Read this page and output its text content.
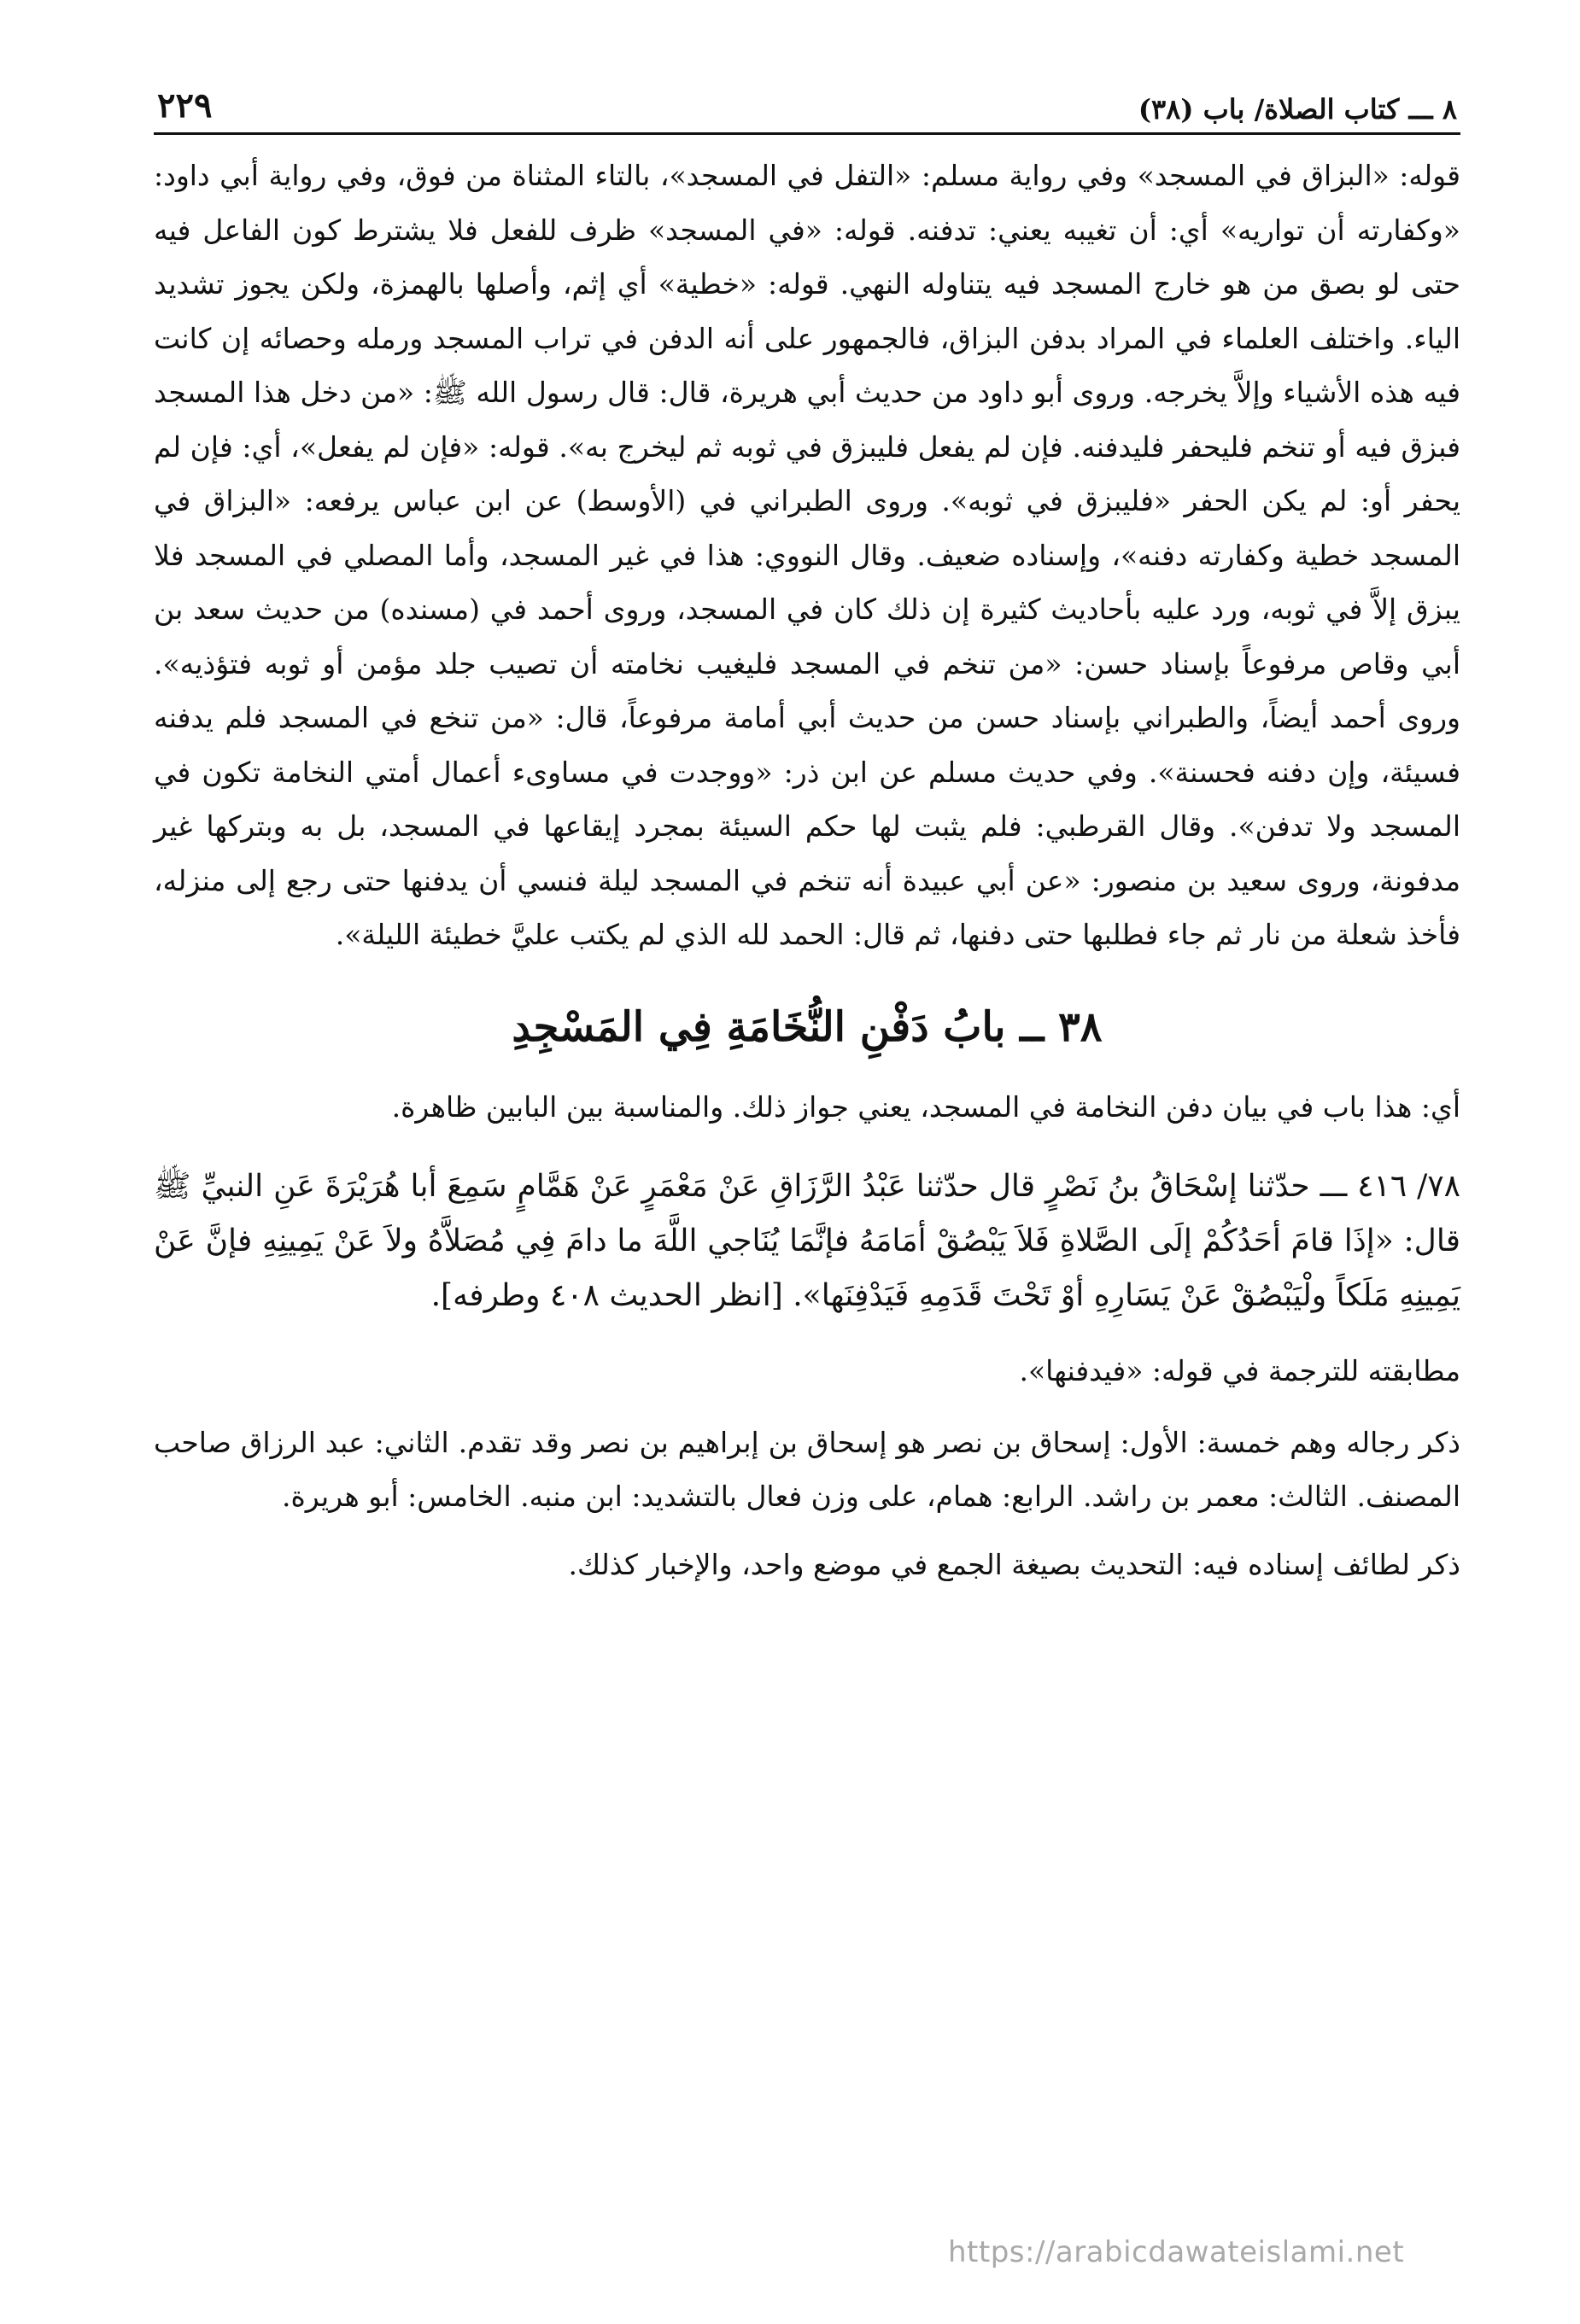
٨ ـــ كتاب الصلاة/ باب (٣٨)
٢٢٩

قوله: «البزاق في المسجد» وفي رواية مسلم: «التفل في المسجد»، بالتاء المثناة من فوق، وفي رواية أبي داود: «وكفارته أن تواريه» أي: أن تغيبه يعني: تدفنه. قوله: «في المسجد» ظرف للفعل فلا يشترط كون الفاعل فيه حتى لو بصق من هو خارج المسجد فيه يتناوله النهي. قوله: «خطية» أي إثم، وأصلها بالهمزة، ولكن يجوز تشديد الياء. واختلف العلماء في المراد بدفن البزاق، فالجمهور على أنه الدفن في تراب المسجد ورمله وحصائه إن كانت فيه هذه الأشياء وإلاَّ يخرجه. وروى أبو داود من حديث أبي هريرة، قال: قال رسول الله ﷺ: «من دخل هذا المسجد فبزق فيه أو تنخم فليحفر فليدفنه. فإن لم يفعل فليبزق في ثوبه ثم ليخرج به». قوله: «فإن لم يفعل»، أي: فإن لم يحفر أو: لم يكن الحفر «فليبزق في ثوبه». وروى الطبراني في (الأوسط) عن ابن عباس يرفعه: «البزاق في المسجد خطية وكفارته دفنه»، وإسناده ضعيف. وقال النووي: هذا في غير المسجد، وأما المصلي في المسجد فلا يبزق إلاَّ في ثوبه، ورد عليه بأحاديث كثيرة إن ذلك كان في المسجد، وروى أحمد في (مسنده) من حديث سعد بن أبي وقاص مرفوعاً بإسناد حسن: «من تنخم في المسجد فليغيب نخامته أن تصيب جلد مؤمن أو ثوبه فتؤذيه». وروى أحمد أيضاً، والطبراني بإسناد حسن من حديث أبي أمامة مرفوعاً، قال: «من تنخع في المسجد فلم يدفنه فسيئة، وإن دفنه فحسنة». وفي حديث مسلم عن ابن ذر: «ووجدت في مساوىء أعمال أمتي النخامة تكون في المسجد ولا تدفن». وقال القرطبي: فلم يثبت لها حكم السيئة بمجرد إيقاعها في المسجد، بل به وبتركها غير مدفونة، وروى سعيد بن منصور: «عن أبي عبيدة أنه تنخم في المسجد ليلة فنسي أن يدفنها حتى رجع إلى منزله، فأخذ شعلة من نار ثم جاء فطلبها حتى دفنها، ثم قال: الحمد لله الذي لم يكتب عليَّ خطيئة الليلة».

٣٨ ــ بابُ دَفْنِ النُّخَامَةِ فِي المَسْجِدِ

أي: هذا باب في بيان دفن النخامة في المسجد، يعني جواز ذلك. والمناسبة بين البابين ظاهرة.

٧٨/ ٤١٦ ـــ حدّثنا إسْحَاقُ بنُ نَصْرٍ قال حدّثنا عَبْدُ الرَّزَاقِ عَنْ مَعْمَرٍ عَنْ هَمَّامٍ سَمِعَ أبا هُرَيْرَةَ عَنِ النبيِّ ﷺ قال: «إذَا قامَ أحَدُكُمْ إلَى الصَّلاةِ فَلاَ يَبْصُقْ أمَامَهُ فإنَّمَا يُنَاجي اللَّهَ ما دامَ فِي مُصَلاَّهُ ولاَ عَنْ يَمِينِهِ فإنَّ عَنْ يَمِينِهِ مَلَكاً ولْيَبْصُقْ عَنْ يَسَارِهِ أوْ تَحْتَ قَدَمِهِ فَيَدْفِنَها». [انظر الحديث ٤٠٨ وطرفه].

مطابقته للترجمة في قوله: «فيدفنها».

ذكر رجاله وهم خمسة: الأول: إسحاق بن نصر هو إسحاق بن إبراهيم بن نصر وقد تقدم. الثاني: عبد الرزاق صاحب المصنف. الثالث: معمر بن راشد. الرابع: همام، على وزن فعال بالتشديد: ابن منبه. الخامس: أبو هريرة.

ذكر لطائف إسناده فيه: التحديث بصيغة الجمع في موضع واحد، والإخبار كذلك.

https://arabicdawateislami.net
